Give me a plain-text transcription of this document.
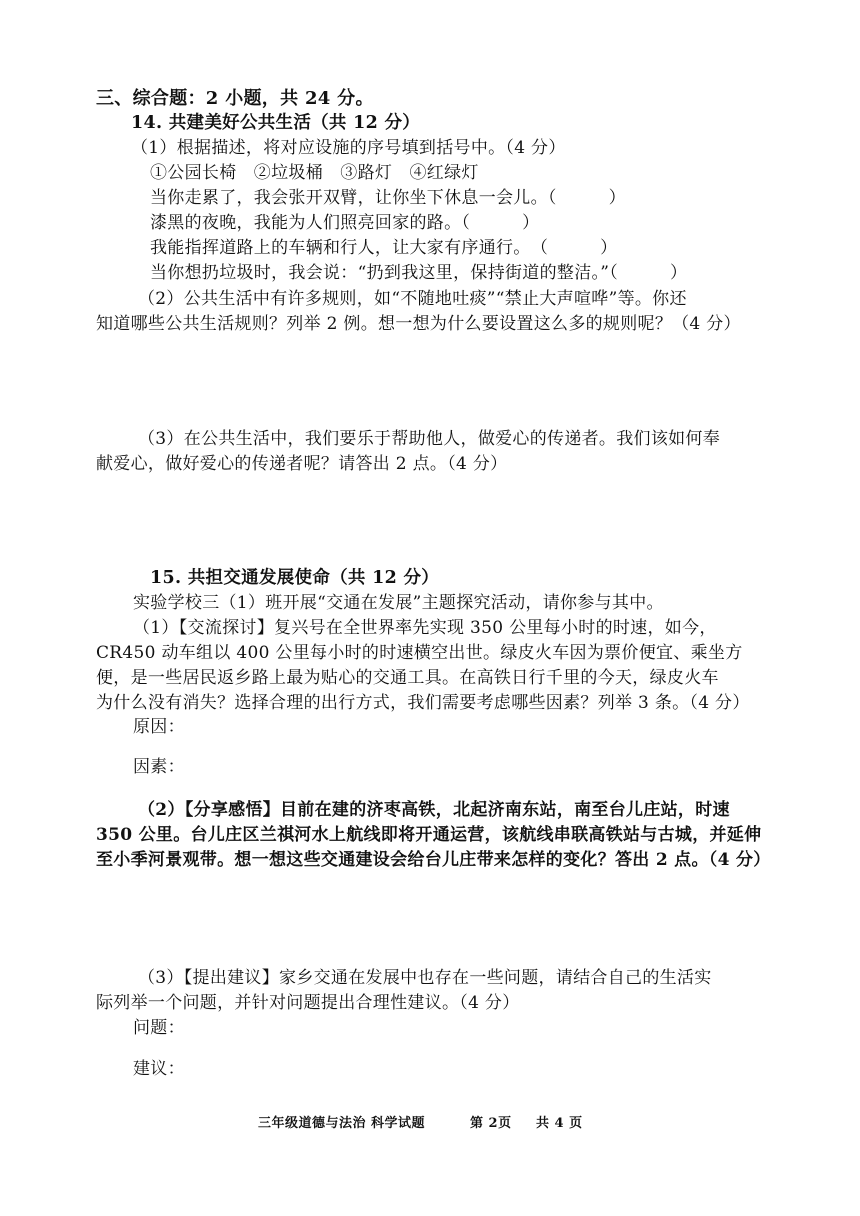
三、综合题：2 小题，共 24 分。
14. 共建美好公共生活（共 12 分）
（1）根据描述，将对应设施的序号填到括号中。（4 分）
①公园长椅　②垃圾桶　③路灯　④红绿灯
当你走累了，我会张开双臂，让你坐下休息一会儿。（　　　）
漆黑的夜晚，我能为人们照亮回家的路。（　　　）
我能指挥道路上的车辆和行人，让大家有序通行。　（　　　）
当你想扔垃圾时，我会说：“扔到我这里，保持街道的整洁。”（　　　）
（2）公共生活中有许多规则，如“不随地吐痰”“禁止大声喧哗”等。你还
知道哪些公共生活规则？列举 2 例。想一想为什么要设置这么多的规则呢？（4 分）
（3）在公共生活中，我们要乐于帮助他人，做爱心的传递者。我们该如何奉
献爱心，做好爱心的传递者呢？请答出 2 点。（4 分）
15. 共担交通发展使命（共 12 分）
实验学校三（1）班开展“交通在发展”主题探究活动，请你参与其中。
（1）【交流探讨】复兴号在全世界率先实现 350 公里每小时的时速，如今，
CR450 动车组以 400 公里每小时的时速横空出世。绿皮火车因为票价便宜、乘坐方
便，是一些居民返乡路上最为贴心的交通工具。在高铁日行千里的今天，绿皮火车
为什么没有消失？选择合理的出行方式，我们需要考虑哪些因素？列举 3 条。（4 分）
原因：
因素：
（2）【分享感悟】目前在建的济枣高铁，北起济南东站，南至台儿庄站，时速
350 公里。台儿庄区兰祺河水上航线即将开通运营，该航线串联高铁站与古城，并延伸
至小季河景观带。想一想这些交通建设会给台儿庄带来怎样的变化？答出 2 点。（4 分）
（3）【提出建议】家乡交通在发展中也存在一些问题，请结合自己的生活实
际列举一个问题，并针对问题提出合理性建议。（4 分）
问题：
建议：
三年级道德与法治 科学试题	第 2页 共 4 页
